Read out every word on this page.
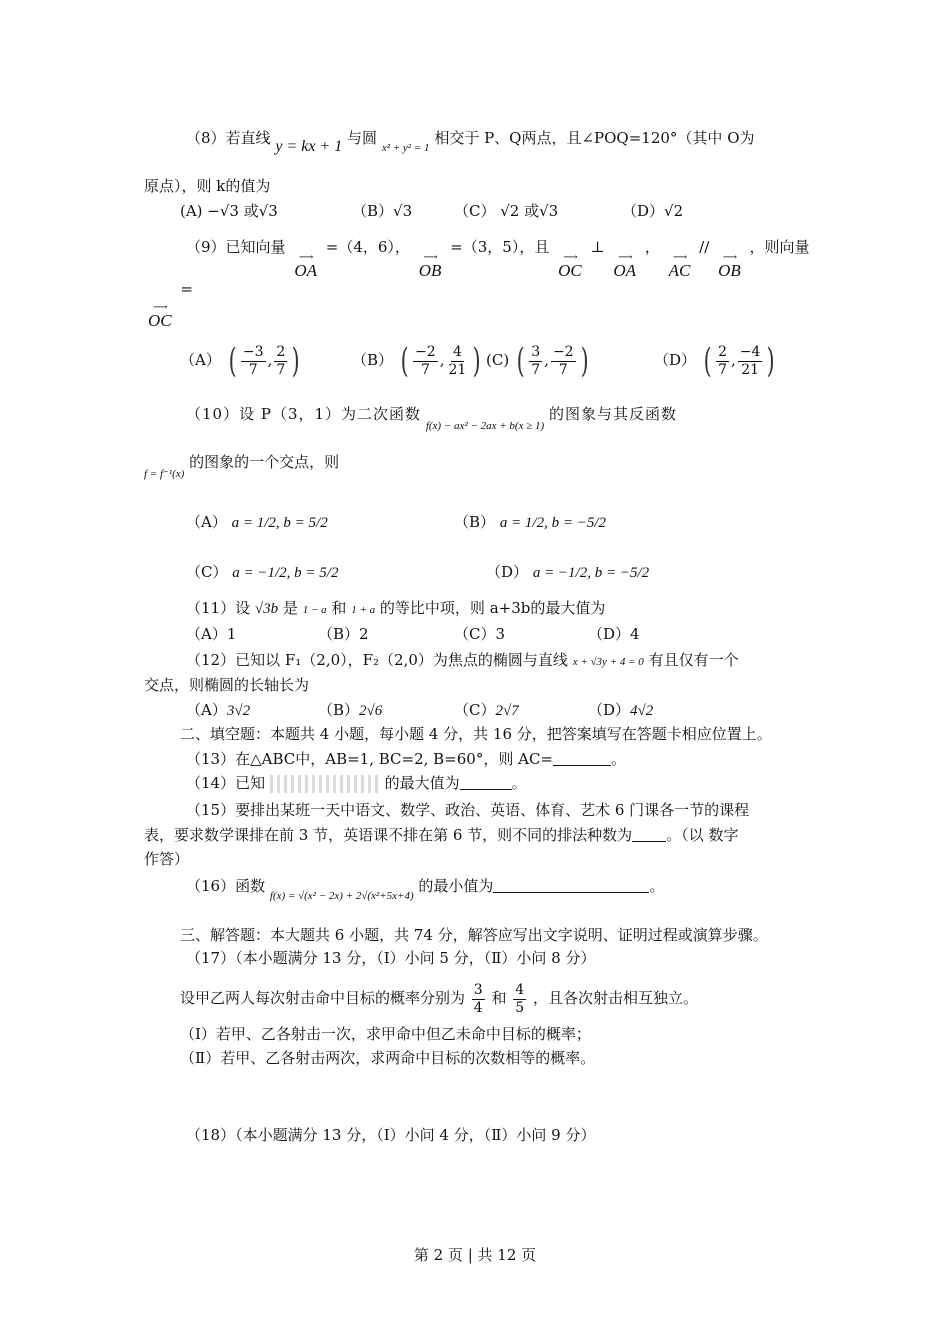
（8）若直线 y = kx + 1 与圆 $_{x^2 + y^2 = 1}$ 相交于 P、Q两点，且∠POQ=120°（其中 O为
原点），则 k的值为
(A) −√3 或√3	（B）√3	（C） √2 或√3	（D）√2
（9）已知向量
⟶
OA
=（4，6），
⟶
OB
=（3，5），且
⟶
OC
⊥
⟶
OA
，
⟶
AC
//
⟶
OB
，则向量
⟶
OC
=
（A） ( $\frac{-3}{7}$ , $\frac{2}{7}$ )	（B） ( $\frac{-2}{7}$ , $\frac{4}{21}$ ) (C) ( $\frac{3}{7}$ , $\frac{-2}{7}$ )	（D） ( $\frac{2}{7}$ , $\frac{-4}{21}$ )
（10）设 P（3，1）为二次函数 $_{f(x) - ax^2 - 2ax + b(x \ge 1)}$ 的图象与其反函数
$_{f = f^{-1}(x)}$ 的图象的一个交点，则
（A） a = 1/2, b = 5/2	（B） a = 1/2, b = −5/2
（C） a = −1/2, b = 5/2	（D） a = −1/2, b = −5/2
（11）设 √3b 是 1 − a 和 1 + a 的等比中项，则 a+3b的最大值为
（A）1	（B）2	（C）3	（D）4
（12）已知以 F₁（2,0），F₂（2,0）为焦点的椭圆与直线 x + √3y + 4 = 0 有且仅有一个
交点，则椭圆的长轴长为
（A）3√2	（B）2√6	（C）2√7	（D）4√2
二、填空题：本题共 4 小题，每小题 4 分，共 16 分，把答案填写在答题卡相应位置上。
（13）在△ABC中，AB=1, BC=2, B=60°，则 AC=	。
（14）已知	的最大值为	。
（15）要排出某班一天中语文、数学、政治、英语、体育、艺术 6 门课各一节的课程
表，要求数学课排在前 3 节，英语课不排在第 6 节，则不同的排法种数为 。（以 数字
作答）
（16）函数 $_{f(x) = √(x^2 - 2x) + 2√(x^2+5x+4)}$ 的最小值为	。
三、解答题：本大题共 6 小题，共 74 分，解答应写出文字说明、证明过程或演算步骤。
（17）（本小题满分 13 分，（Ⅰ）小问 5 分，（Ⅱ）小问 8 分）
设甲乙两人每次射击命中目标的概率分别为 $\frac{3}{4}$ 和 $\frac{4}{5}$ ，且各次射击相互独立。
（Ⅰ）若甲、乙各射击一次，求甲命中但乙未命中目标的概率；
（Ⅱ）若甲、乙各射击两次，求两命中目标的次数相等的概率。
（18）（本小题满分 13 分，（Ⅰ）小问 4 分，（Ⅱ）小问 9 分）
第 2 页 | 共 12 页
